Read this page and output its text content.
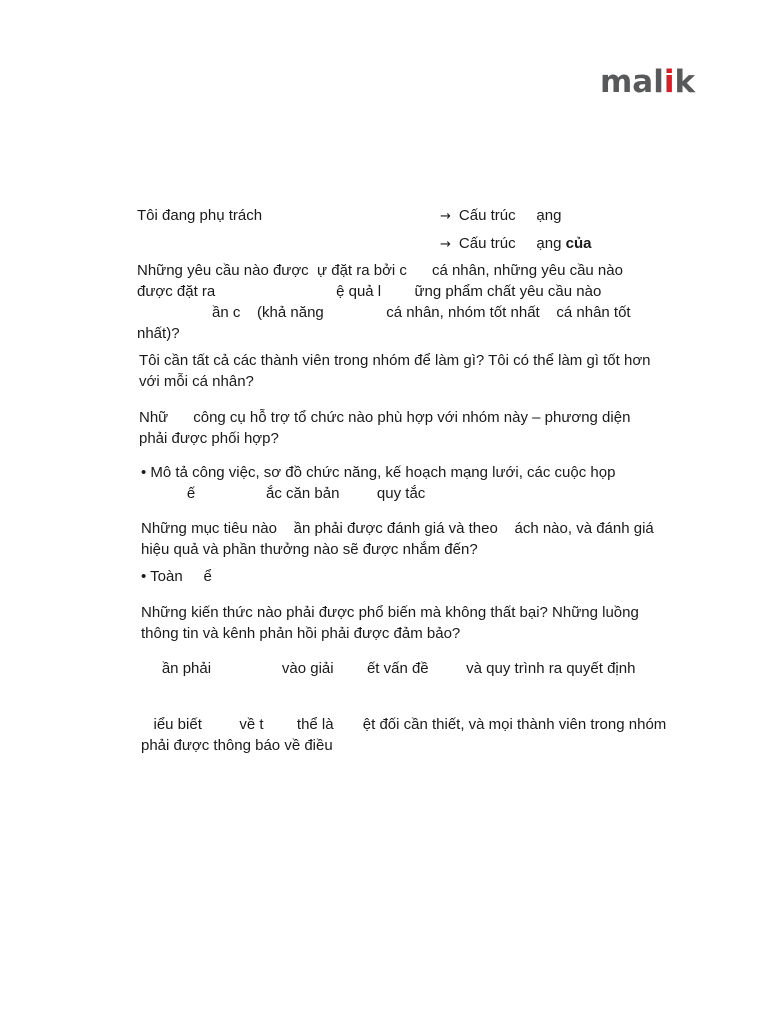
malik
Tôi đang phụ trách	→ Cấu trúc     ạng
→ Cấu trúc     ạng của
Những yêu cầu nào được  ự đặt ra bởi c      cá nhân, những yêu cầu nào
được đặt ra                             ệ quả l        ững phẩm chất yêu cầu nào
ần c    (khả năng               cá nhân, nhóm tốt nhất    cá nhân tốt
nhất)?
Tôi cần tất cả các thành viên trong nhóm để làm gì? Tôi có thể làm gì tốt hơn
với mỗi cá nhân?
Nhữ      công cụ hỗ trợ tổ chức nào phù hợp với nhóm này – phương diện
phải được phối hợp?
• Mô tả công việc, sơ đồ chức năng, kế hoạch mạng lưới, các cuộc họp
ế                 ắc căn bản         quy tắc
Những mục tiêu nào    ần phải được đánh giá và theo    ách nào, và đánh giá
hiệu quả và phần thưởng nào sẽ được nhắm đến?
• Toàn     ể
Những kiến thức nào phải được phổ biến mà không thất bại? Những luồng
thông tin và kênh phản hồi phải được đảm bảo?
ần phải                 vào giải        ết vấn đề         và quy trình ra quyết định
iểu biết         về t        thể là       ệt đối cần thiết, và mọi thành viên trong nhóm
phải được thông báo về điều
